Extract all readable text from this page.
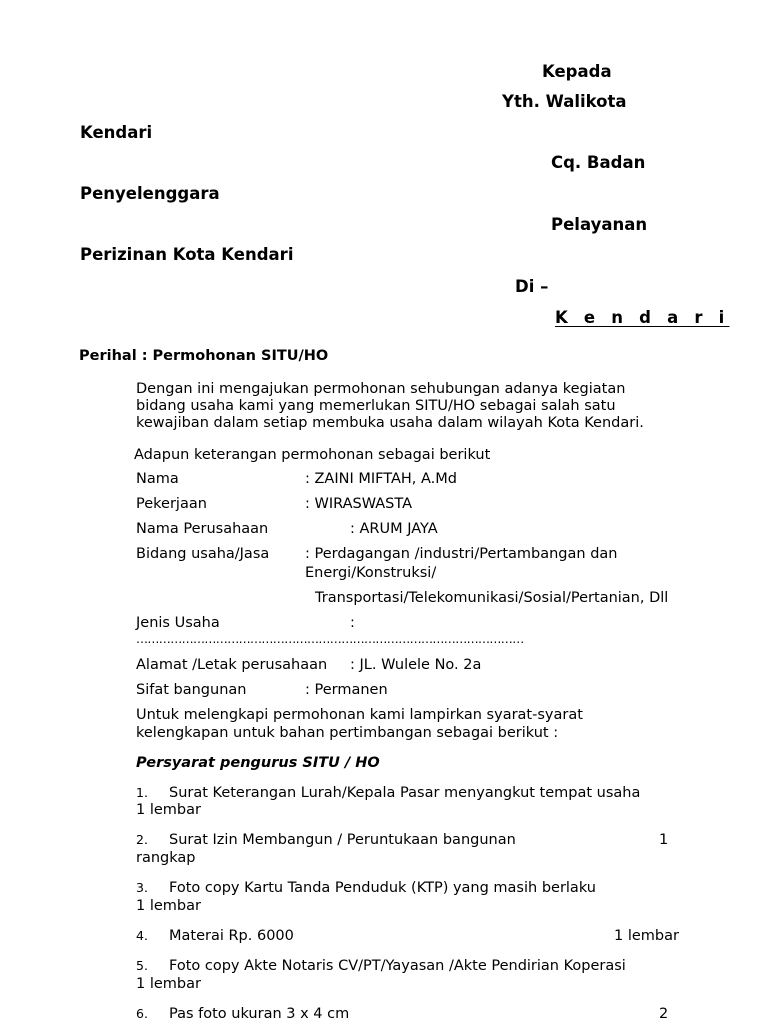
Kepada
Yth. Walikota
Kendari
Cq. Badan
Penyelenggara
Pelayanan
Perizinan Kota Kendari
Di –
K e n d a r i
Perihal : Permohonan SITU/HO
Dengan ini mengajukan permohonan sehubungan adanya kegiatan bidang usaha kami yang memerlukan SITU/HO sebagai salah satu kewajiban dalam setiap membuka usaha dalam wilayah Kota Kendari.
Adapun keterangan permohonan sebagai berikut
Nama	: ZAINI MIFTAH, A.Md
Pekerjaan	: WIRASWASTA
Nama Perusahaan	: ARUM JAYA
Bidang usaha/Jasa : Perdagangan /industri/Pertambangan dan
Energi/Konstruksi/
Transportasi/Telekomunikasi/Sosial/Pertanian, Dll
Jenis Usaha	:
…………………………………………………………………………………………
Alamat /Letak perusahaan : JL. Wulele No. 2a
Sifat bangunan	: Permanen
Untuk melengkapi permohonan kami lampirkan syarat-syarat
kelengkapan untuk bahan pertimbangan sebagai berikut :
Persyarat pengurus SITU / HO
1. Surat Keterangan Lurah/Kepala Pasar menyangkut tempat usaha
1 lembar
2. Surat Izin Membangun / Peruntukaan bangunan	1
rangkap
3. Foto copy Kartu Tanda Penduduk (KTP) yang masih berlaku
1 lembar
4. Materai Rp. 6000	1 lembar
5. Foto copy Akte Notaris CV/PT/Yayasan /Akte Pendirian Koperasi
1 lembar
6. Pas foto ukuran 3 x 4 cm	2
